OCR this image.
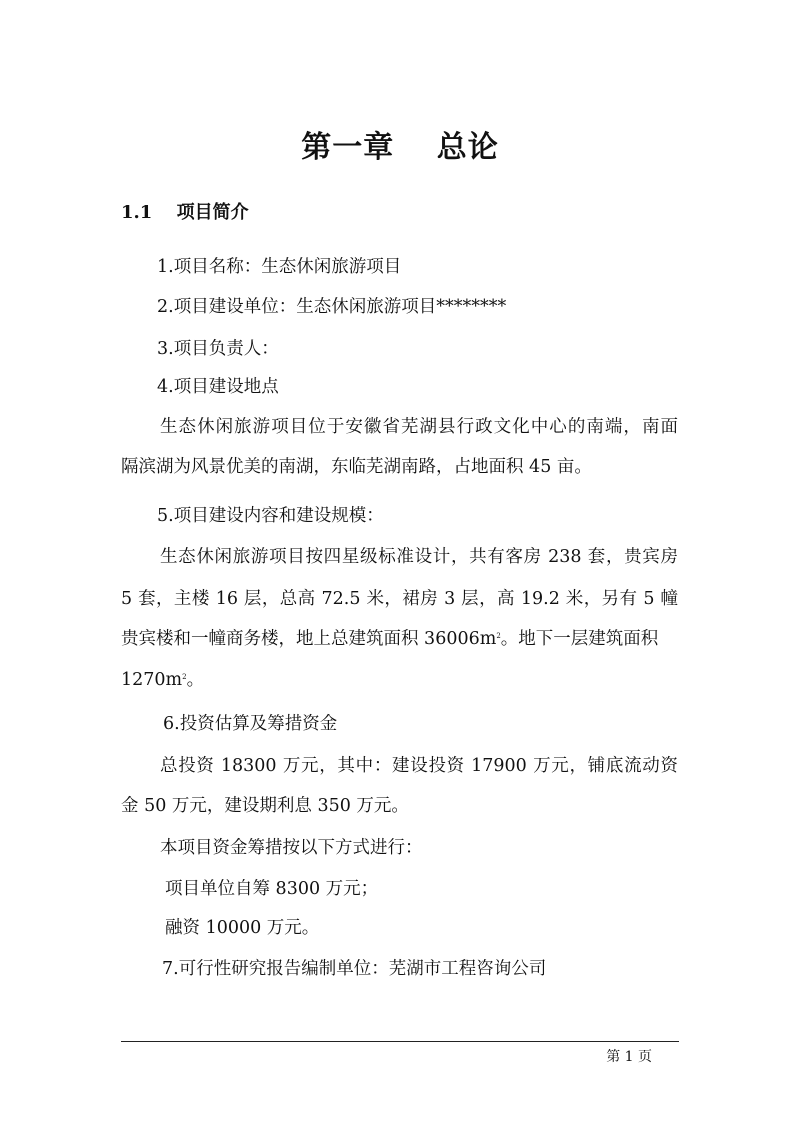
第一章　 总论
1.1　 项目简介
1.项目名称：生态休闲旅游项目
2.项目建设单位：生态休闲旅游项目********
3.项目负责人：
4.项目建设地点
生态休闲旅游项目位于安徽省芜湖县行政文化中心的南端，南面
隔滨湖为风景优美的南湖，东临芜湖南路，占地面积 45 亩。
5.项目建设内容和建设规模：
生态休闲旅游项目按四星级标准设计，共有客房 238 套，贵宾房
5 套，主楼 16 层，总高 72.5 米，裙房 3 层，高 19.2 米，另有 5 幢
贵宾楼和一幢商务楼，地上总建筑面积 $36006m^2$。地下一层建筑面积
$1270m^2$。
6.投资估算及筹措资金
总投资 18300 万元，其中：建设投资 17900 万元，铺底流动资
金 50 万元，建设期利息 350 万元。
本项目资金筹措按以下方式进行：
项目单位自筹 8300 万元；
融资 10000 万元。
7.可行性研究报告编制单位：芜湖市工程咨询公司
第 1 页
